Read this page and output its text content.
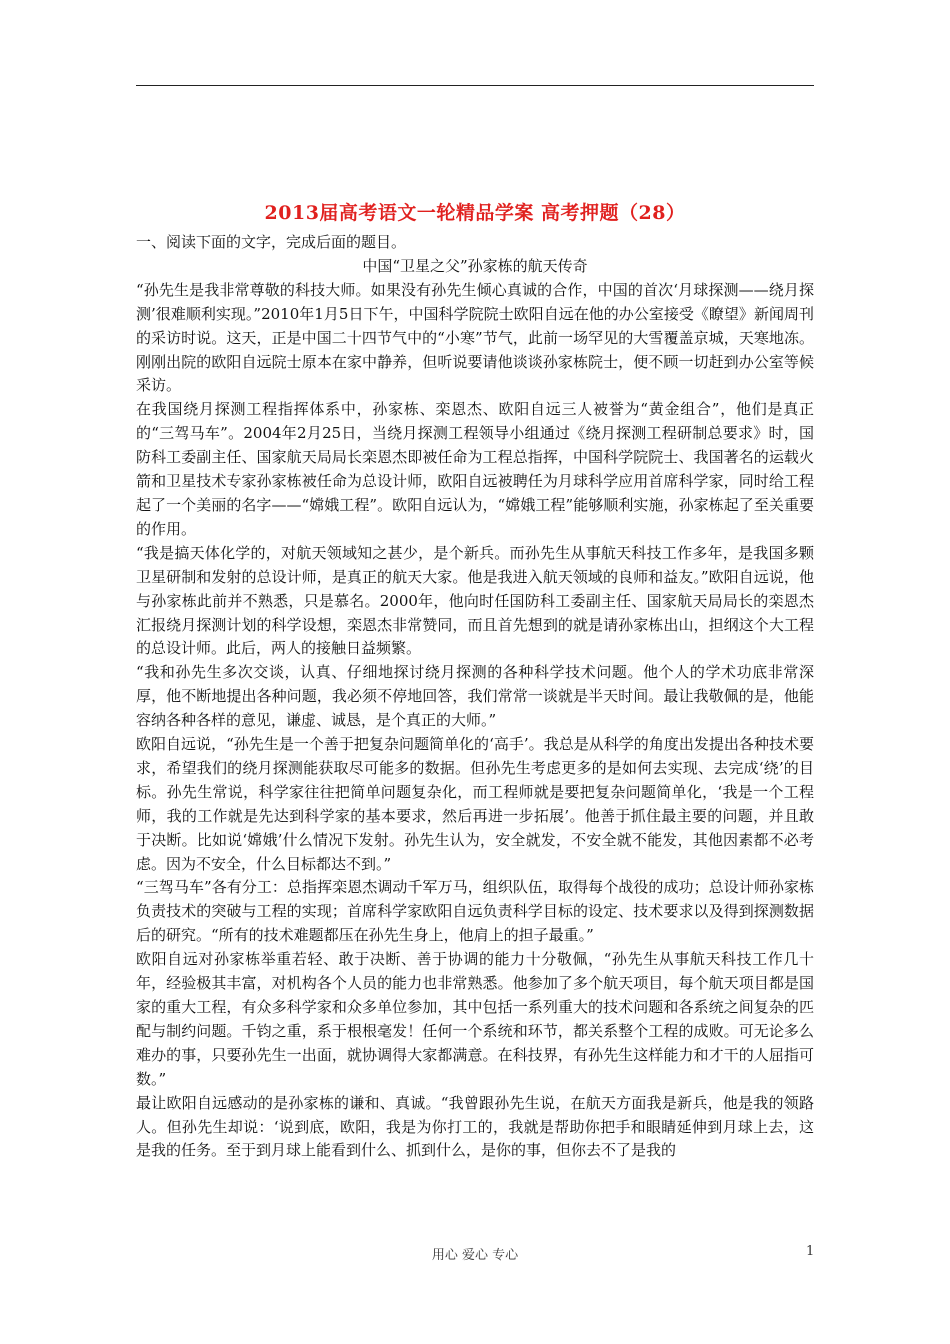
2013届高考语文一轮精品学案 高考押题（28）

一、阅读下面的文字，完成后面的题目。

中国“卫星之父”孙家栋的航天传奇

“孙先生是我非常尊敬的科技大师。如果没有孙先生倾心真诚的合作，中国的首次‘月球探测——绕月探测’很难顺利实现。”2010年1月5日下午，中国科学院院士欧阳自远在他的办公室接受《瞭望》新闻周刊的采访时说。这天，正是中国二十四节气中的“小寒”节气，此前一场罕见的大雪覆盖京城，天寒地冻。刚刚出院的欧阳自远院士原本在家中静养，但听说要请他谈谈孙家栋院士，便不顾一切赶到办公室等候采访。

在我国绕月探测工程指挥体系中，孙家栋、栾恩杰、欧阳自远三人被誉为“黄金组合”，他们是真正的“三驾马车”。2004年2月25日，当绕月探测工程领导小组通过《绕月探测工程研制总要求》时，国防科工委副主任、国家航天局局长栾恩杰即被任命为工程总指挥，中国科学院院士、我国著名的运载火箭和卫星技术专家孙家栋被任命为总设计师，欧阳自远被聘任为月球科学应用首席科学家，同时给工程起了一个美丽的名字——“嫦娥工程”。欧阳自远认为，“嫦娥工程”能够顺利实施，孙家栋起了至关重要的作用。

“我是搞天体化学的，对航天领域知之甚少，是个新兵。而孙先生从事航天科技工作多年，是我国多颗卫星研制和发射的总设计师，是真正的航天大家。他是我进入航天领域的良师和益友。”欧阳自远说，他与孙家栋此前并不熟悉，只是慕名。2000年，他向时任国防科工委副主任、国家航天局局长的栾恩杰汇报绕月探测计划的科学设想，栾恩杰非常赞同，而且首先想到的就是请孙家栋出山，担纲这个大工程的总设计师。此后，两人的接触日益频繁。

“我和孙先生多次交谈，认真、仔细地探讨绕月探测的各种科学技术问题。他个人的学术功底非常深厚，他不断地提出各种问题，我必须不停地回答，我们常常一谈就是半天时间。最让我敬佩的是，他能容纳各种各样的意见，谦虚、诚恳，是个真正的大师。”

欧阳自远说，“孙先生是一个善于把复杂问题简单化的‘高手’。我总是从科学的角度出发提出各种技术要求，希望我们的绕月探测能获取尽可能多的数据。但孙先生考虑更多的是如何去实现、去完成‘绕’的目标。孙先生常说，科学家往往把简单问题复杂化，而工程师就是要把复杂问题简单化，‘我是一个工程师，我的工作就是先达到科学家的基本要求，然后再进一步拓展’。他善于抓住最主要的问题，并且敢于决断。比如说‘嫦娥’什么情况下发射。孙先生认为，安全就发，不安全就不能发，其他因素都不必考虑。因为不安全，什么目标都达不到。”

“三驾马车”各有分工：总指挥栾恩杰调动千军万马，组织队伍，取得每个战役的成功；总设计师孙家栋负责技术的突破与工程的实现；首席科学家欧阳自远负责科学目标的设定、技术要求以及得到探测数据后的研究。“所有的技术难题都压在孙先生身上，他肩上的担子最重。”

欧阳自远对孙家栋举重若轻、敢于决断、善于协调的能力十分敬佩，“孙先生从事航天科技工作几十年，经验极其丰富，对机构各个人员的能力也非常熟悉。他参加了多个航天项目，每个航天项目都是国家的重大工程，有众多科学家和众多单位参加，其中包括一系列重大的技术问题和各系统之间复杂的匹配与制约问题。千钧之重，系于根根毫发！任何一个系统和环节，都关系整个工程的成败。可无论多么难办的事，只要孙先生一出面，就协调得大家都满意。在科技界，有孙先生这样能力和才干的人屈指可数。”

最让欧阳自远感动的是孙家栋的谦和、真诚。“我曾跟孙先生说，在航天方面我是新兵，他是我的领路人。但孙先生却说：‘说到底，欧阳，我是为你打工的，我就是帮助你把手和眼睛延伸到月球上去，这是我的任务。至于到月球上能看到什么、抓到什么，是你的事，但你去不了是我的

用心 爱心 专心	1
